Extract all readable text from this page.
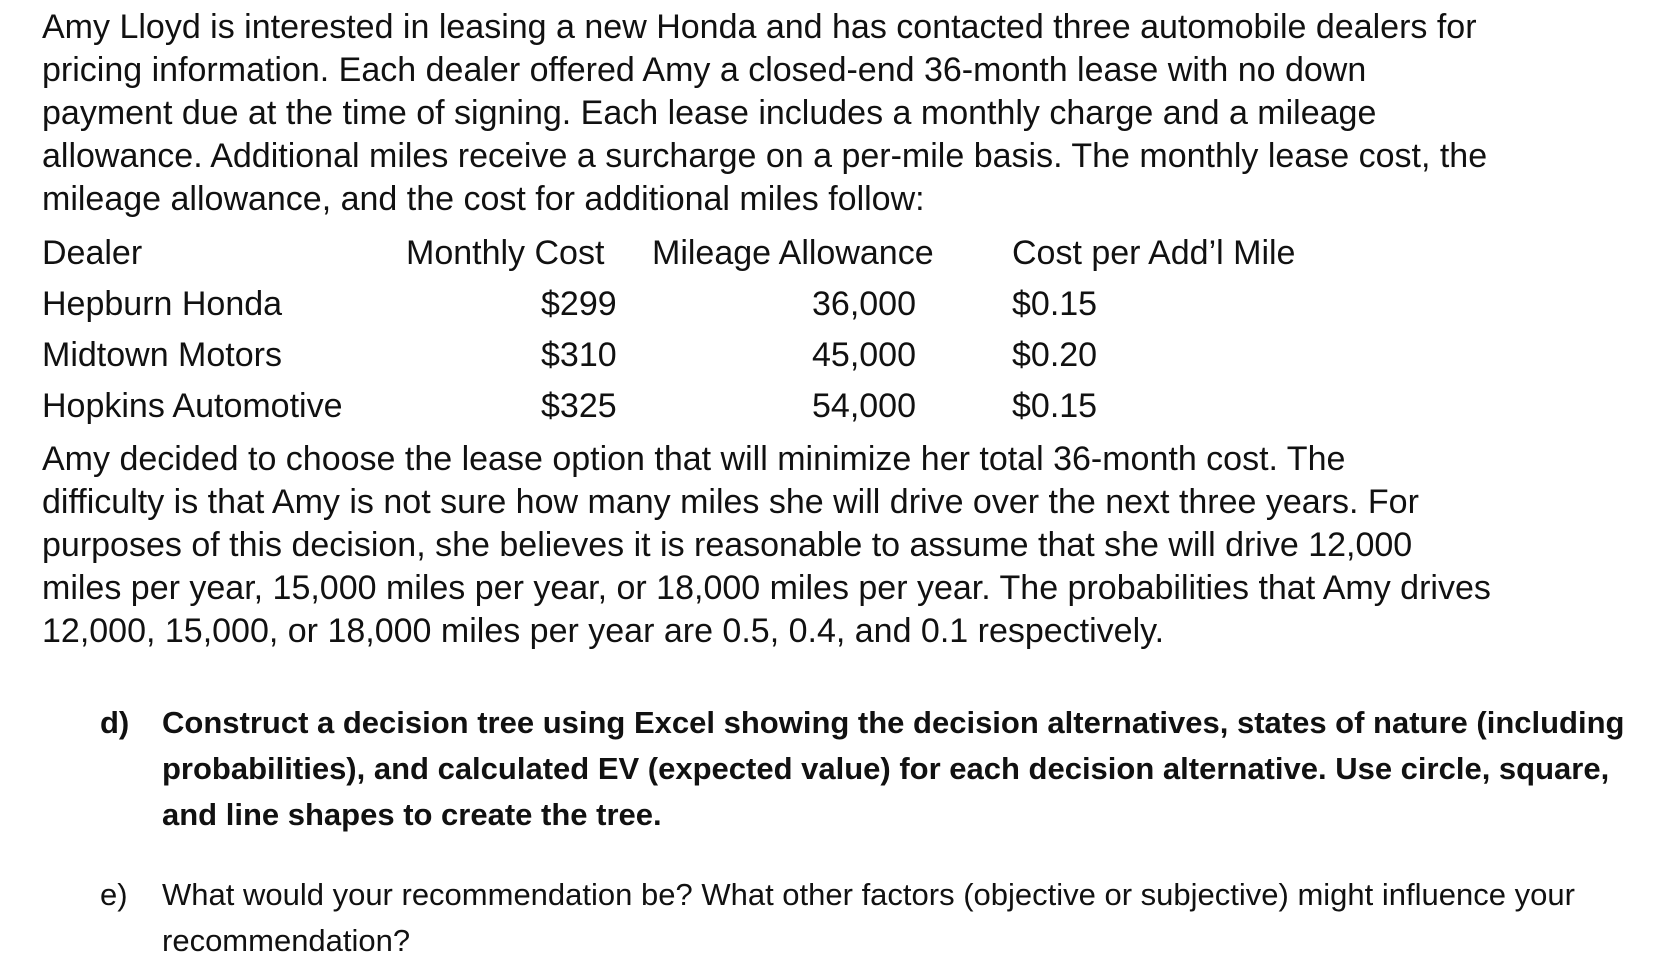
Amy Lloyd is interested in leasing a new Honda and has contacted three automobile dealers for
pricing information. Each dealer offered Amy a closed-end 36-month lease with no down
payment due at the time of signing. Each lease includes a monthly charge and a mileage
allowance. Additional miles receive a surcharge on a per-mile basis. The monthly lease cost, the
mileage allowance, and the cost for additional miles follow:

Dealer	Monthly Cost	Mileage Allowance	Cost per Add’l Mile
Hepburn Honda	$299	36,000	$0.15
Midtown Motors	$310	45,000	$0.20
Hopkins Automotive	$325	54,000	$0.15

Amy decided to choose the lease option that will minimize her total 36-month cost. The
difficulty is that Amy is not sure how many miles she will drive over the next three years. For
purposes of this decision, she believes it is reasonable to assume that she will drive 12,000
miles per year, 15,000 miles per year, or 18,000 miles per year. The probabilities that Amy drives
12,000, 15,000, or 18,000 miles per year are 0.5, 0.4, and 0.1 respectively.

d) Construct a decision tree using Excel showing the decision alternatives, states of nature (including probabilities), and calculated EV (expected value) for each decision alternative. Use circle, square, and line shapes to create the tree.
e) What would your recommendation be? What other factors (objective or subjective) might influence your recommendation?
